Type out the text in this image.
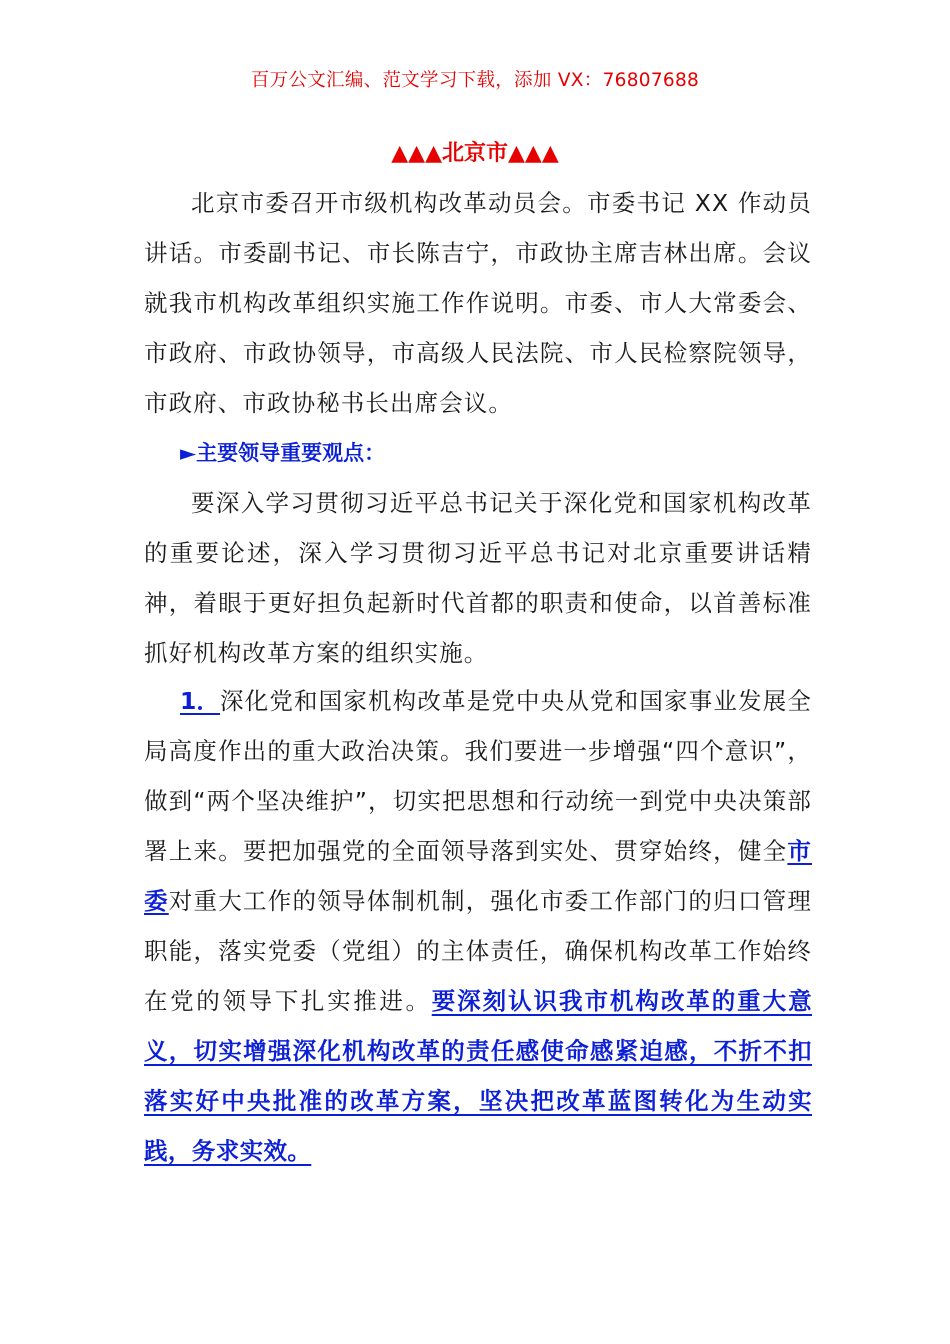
百万公文汇编、范文学习下载，添加 VX：76807688
▲▲▲北京市▲▲▲
北京市委召开市级机构改革动员会。市委书记 XX 作动员讲话。市委副书记、市长陈吉宁，市政协主席吉林出席。会议就我市机构改革组织实施工作作说明。市委、市人大常委会、市政府、市政协领导，市高级人民法院、市人民检察院领导，市政府、市政协秘书长出席会议。
►主要领导重要观点：
要深入学习贯彻习近平总书记关于深化党和国家机构改革的重要论述，深入学习贯彻习近平总书记对北京重要讲话精神，着眼于更好担负起新时代首都的职责和使命，以首善标准抓好机构改革方案的组织实施。
1．深化党和国家机构改革是党中央从党和国家事业发展全局高度作出的重大政治决策。我们要进一步增强“四个意识”，做到“两个坚决维护”，切实把思想和行动统一到党中央决策部署上来。要把加强党的全面领导落到实处、贯穿始终，健全市委对重大工作的领导体制机制，强化市委工作部门的归口管理职能，落实党委（党组）的主体责任，确保机构改革工作始终在党的领导下扎实推进。要深刻认识我市机构改革的重大意义，切实增强深化机构改革的责任感使命感紧迫感，不折不扣落实好中央批准的改革方案，坚决把改革蓝图转化为生动实践，务求实效。
